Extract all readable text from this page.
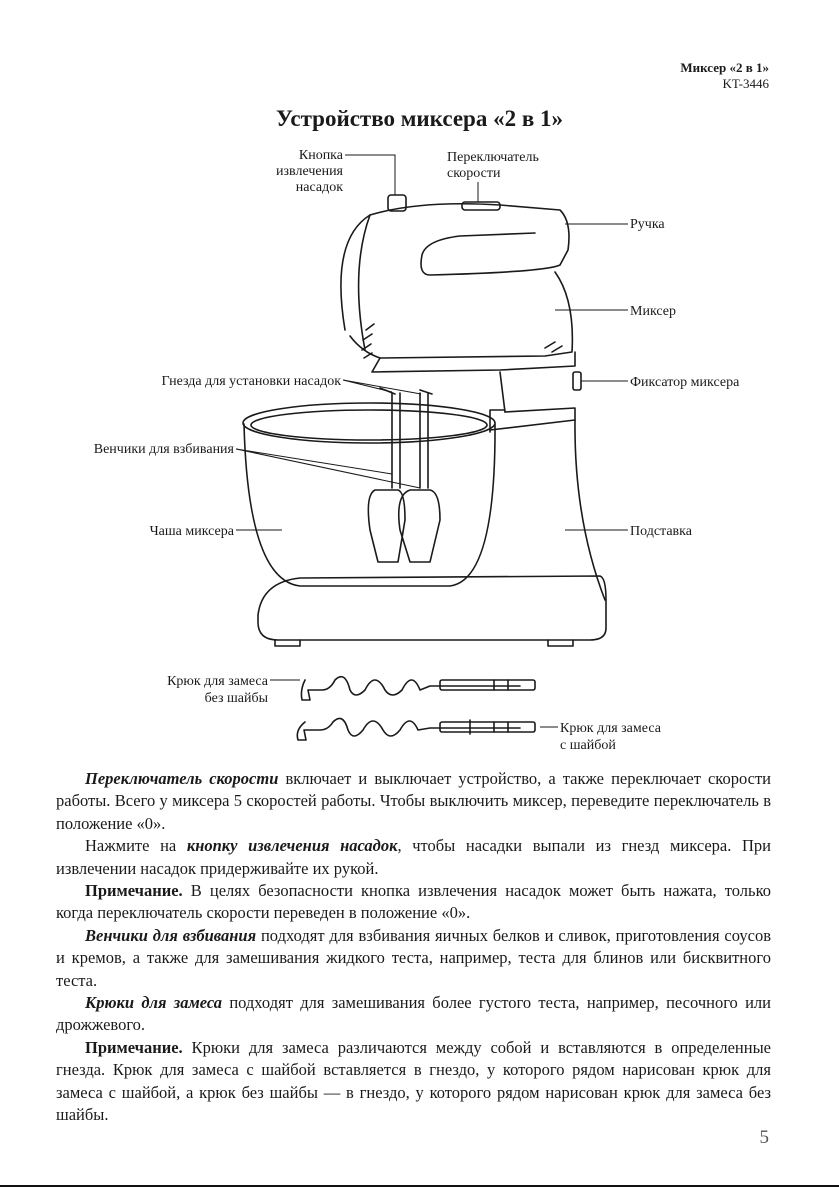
Миксер «2 в 1»
KT-3446
Устройство миксера «2 в 1»
Кнопка
извлечения
насадок
Переключатель
скорости
Ручка
Миксер
Гнезда для установки насадок	Фиксатор миксера
Венчики для взбивания
Чаша миксера	Подставка
Крюк для замеса
без шайбы
Крюк для замеса
с шайбой

Переключатель скорости включает и выключает устройство, а также переключает скорости работы. Всего у миксера 5 скоростей работы. Чтобы выключить миксер, переведите переключатель в положение «0».

Нажмите на кнопку извлечения насадок, чтобы насадки выпали из гнезд миксера. При извлечении насадок придерживайте их рукой.

Примечание. В целях безопасности кнопка извлечения насадок может быть нажата, только когда переключатель скорости переведен в положение «0».

Венчики для взбивания подходят для взбивания яичных белков и сливок, приготовления соусов и кремов, а также для замешивания жидкого теста, например, теста для блинов или бисквитного теста.

Крюки для замеса подходят для замешивания более густого теста, например, песочного или дрожжевого.

Примечание. Крюки для замеса различаются между собой и вставляются в определенные гнезда. Крюк для замеса с шайбой вставляется в гнездо, у которого рядом нарисован крюк для замеса с шайбой, а крюк без шайбы — в гнездо, у которого рядом нарисован крюк для замеса без шайбы.

5
